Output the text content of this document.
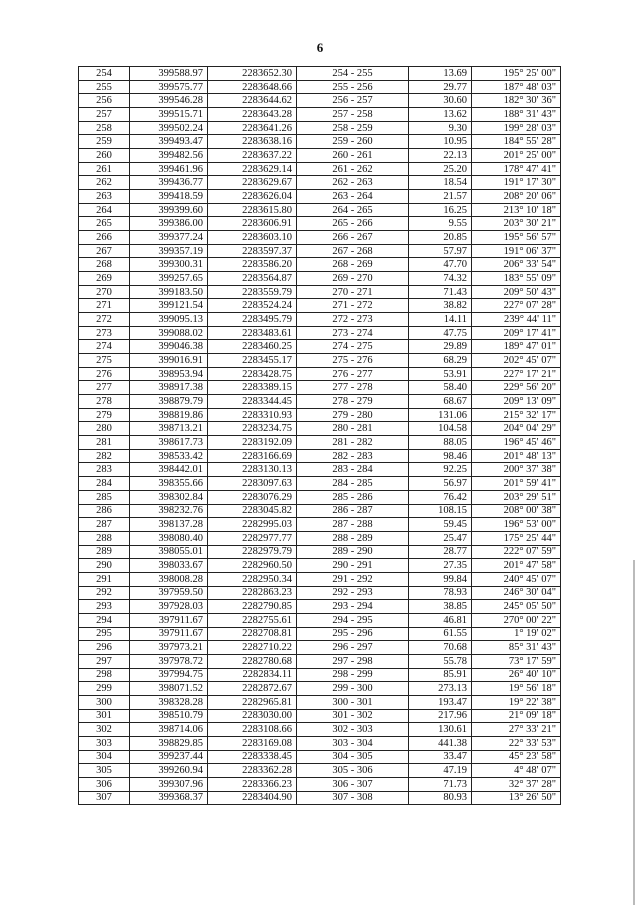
6
254	399588.97	2283652.30	254 - 255	13.69	195° 25' 00"
255	399575.77	2283648.66	255 - 256	29.77	187° 48' 03"
256	399546.28	2283644.62	256 - 257	30.60	182° 30' 36"
257	399515.71	2283643.28	257 - 258	13.62	188° 31' 43"
258	399502.24	2283641.26	258 - 259	9.30	199° 28' 03"
259	399493.47	2283638.16	259 - 260	10.95	184° 55' 28"
260	399482.56	2283637.22	260 - 261	22.13	201° 25' 00"
261	399461.96	2283629.14	261 - 262	25.20	178° 47' 41"
262	399436.77	2283629.67	262 - 263	18.54	191° 17' 30"
263	399418.59	2283626.04	263 - 264	21.57	208° 20' 06"
264	399399.60	2283615.80	264 - 265	16.25	213° 10' 18"
265	399386.00	2283606.91	265 - 266	9.55	203° 30' 21"
266	399377.24	2283603.10	266 - 267	20.85	195° 56' 57"
267	399357.19	2283597.37	267 - 268	57.97	191° 06' 37"
268	399300.31	2283586.20	268 - 269	47.70	206° 33' 54"
269	399257.65	2283564.87	269 - 270	74.32	183° 55' 09"
270	399183.50	2283559.79	270 - 271	71.43	209° 50' 43"
271	399121.54	2283524.24	271 - 272	38.82	227° 07' 28"
272	399095.13	2283495.79	272 - 273	14.11	239° 44' 11"
273	399088.02	2283483.61	273 - 274	47.75	209° 17' 41"
274	399046.38	2283460.25	274 - 275	29.89	189° 47' 01"
275	399016.91	2283455.17	275 - 276	68.29	202° 45' 07"
276	398953.94	2283428.75	276 - 277	53.91	227° 17' 21"
277	398917.38	2283389.15	277 - 278	58.40	229° 56' 20"
278	398879.79	2283344.45	278 - 279	68.67	209° 13' 09"
279	398819.86	2283310.93	279 - 280	131.06	215° 32' 17"
280	398713.21	2283234.75	280 - 281	104.58	204° 04' 29"
281	398617.73	2283192.09	281 - 282	88.05	196° 45' 46"
282	398533.42	2283166.69	282 - 283	98.46	201° 48' 13"
283	398442.01	2283130.13	283 - 284	92.25	200° 37' 38"
284	398355.66	2283097.63	284 - 285	56.97	201° 59' 41"
285	398302.84	2283076.29	285 - 286	76.42	203° 29' 51"
286	398232.76	2283045.82	286 - 287	108.15	208° 00' 38"
287	398137.28	2282995.03	287 - 288	59.45	196° 53' 00"
288	398080.40	2282977.77	288 - 289	25.47	175° 25' 44"
289	398055.01	2282979.79	289 - 290	28.77	222° 07' 59"
290	398033.67	2282960.50	290 - 291	27.35	201° 47' 58"
291	398008.28	2282950.34	291 - 292	99.84	240° 45' 07"
292	397959.50	2282863.23	292 - 293	78.93	246° 30' 04"
293	397928.03	2282790.85	293 - 294	38.85	245° 05' 50"
294	397911.67	2282755.61	294 - 295	46.81	270° 00' 22"
295	397911.67	2282708.81	295 - 296	61.55	1° 19' 02"
296	397973.21	2282710.22	296 - 297	70.68	85° 31' 43"
297	397978.72	2282780.68	297 - 298	55.78	73° 17' 59"
298	397994.75	2282834.11	298 - 299	85.91	26° 40' 10"
299	398071.52	2282872.67	299 - 300	273.13	19° 56' 18"
300	398328.28	2282965.81	300 - 301	193.47	19° 22' 38"
301	398510.79	2283030.00	301 - 302	217.96	21° 09' 18"
302	398714.06	2283108.66	302 - 303	130.61	27° 33' 21"
303	398829.85	2283169.08	303 - 304	441.38	22° 33' 53"
304	399237.44	2283338.45	304 - 305	33.47	45° 23' 58"
305	399260.94	2283362.28	305 - 306	47.19	4° 48' 07"
306	399307.96	2283366.23	306 - 307	71.73	32° 37' 28"
307	399368.37	2283404.90	307 - 308	80.93	13° 26' 50"
